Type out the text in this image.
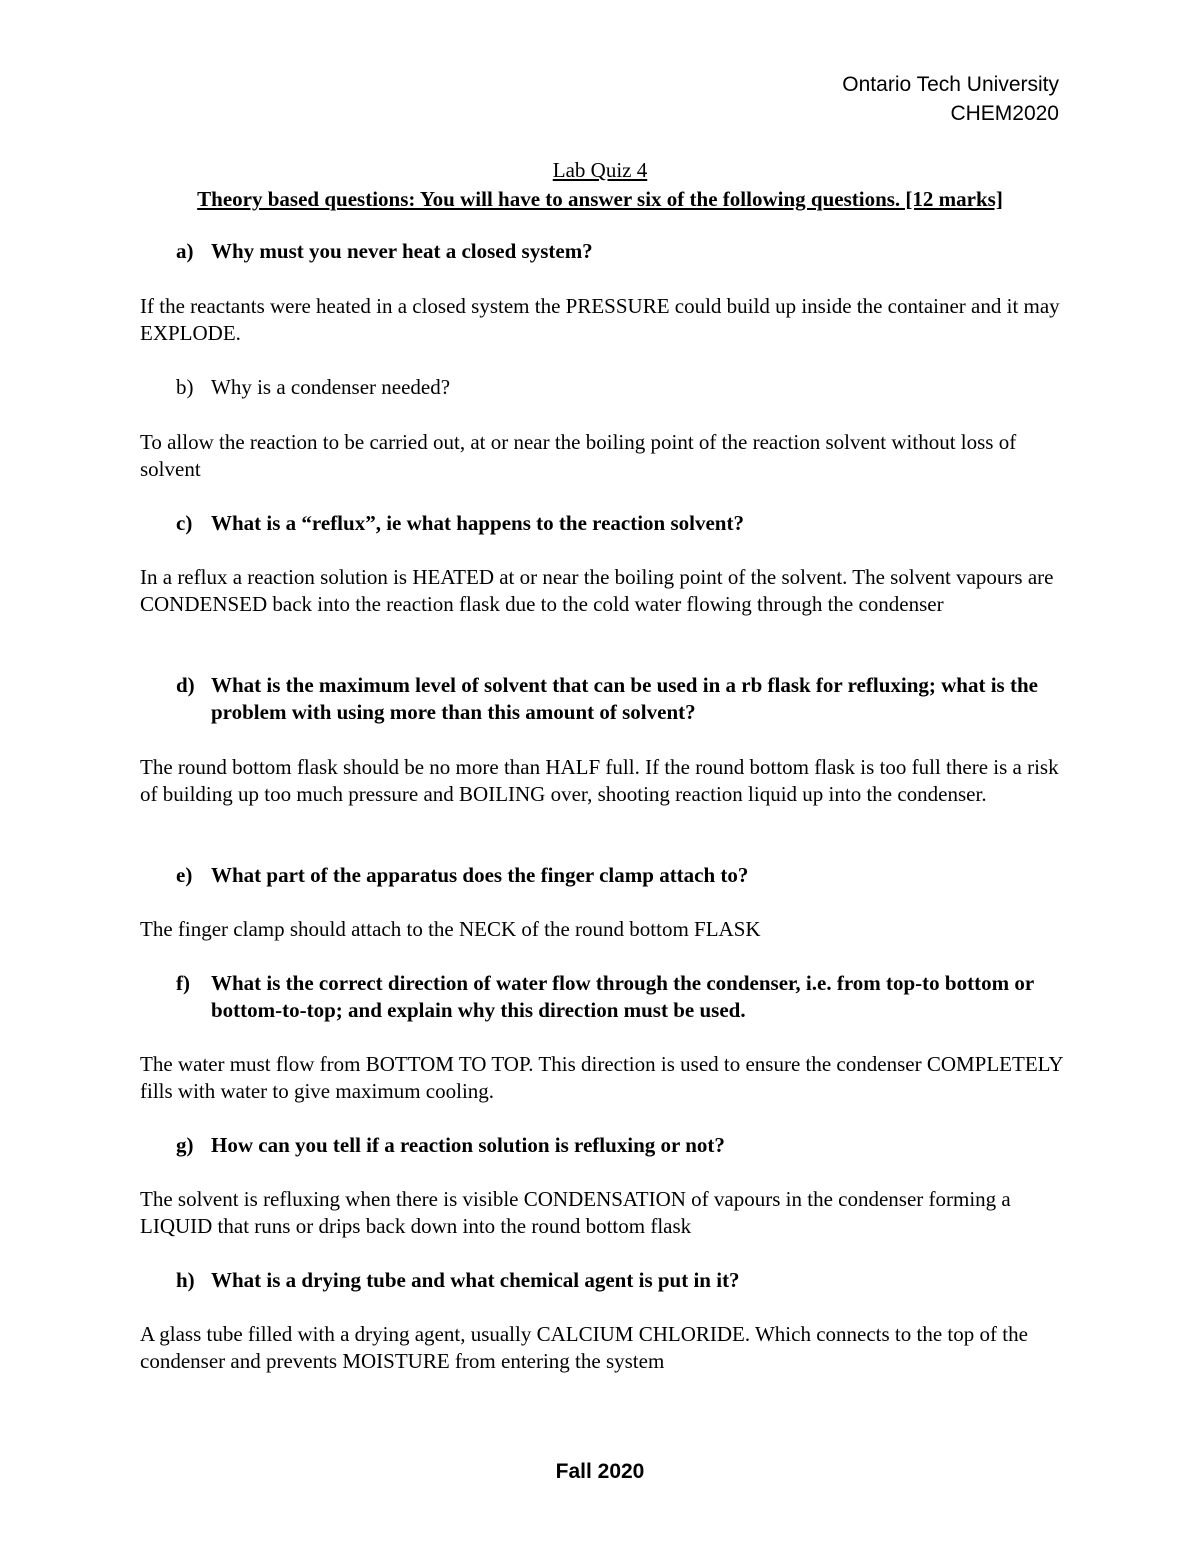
Ontario Tech University
CHEM2020
Lab Quiz 4
Theory based questions: You will have to answer six of the following questions. [12 marks]
a) Why must you never heat a closed system?
If the reactants were heated in a closed system the PRESSURE could build up inside the container and it may EXPLODE.
b) Why is a condenser needed?
To allow the reaction to be carried out, at or near the boiling point of the reaction solvent without loss of solvent
c) What is a “reflux”, ie what happens to the reaction solvent?
In a reflux a reaction solution is HEATED at or near the boiling point of the solvent. The solvent vapours are CONDENSED back into the reaction flask due to the cold water flowing through the condenser
d) What is the maximum level of solvent that can be used in a rb flask for refluxing; what is the problem with using more than this amount of solvent?
The round bottom flask should be no more than HALF full. If the round bottom flask is too full there is a risk of building up too much pressure and BOILING over, shooting reaction liquid up into the condenser.
e) What part of the apparatus does the finger clamp attach to?
The finger clamp should attach to the NECK of the round bottom FLASK
f) What is the correct direction of water flow through the condenser, i.e. from top-to bottom or bottom-to-top; and explain why this direction must be used.
The water must flow from BOTTOM TO TOP. This direction is used to ensure the condenser COMPLETELY fills with water to give maximum cooling.
g) How can you tell if a reaction solution is refluxing or not?
The solvent is refluxing when there is visible CONDENSATION of vapours in the condenser forming a LIQUID that runs or drips back down into the round bottom flask
h) What is a drying tube and what chemical agent is put in it?
A glass tube filled with a drying agent, usually CALCIUM CHLORIDE. Which connects to the top of the condenser and prevents MOISTURE from entering the system
Fall 2020
